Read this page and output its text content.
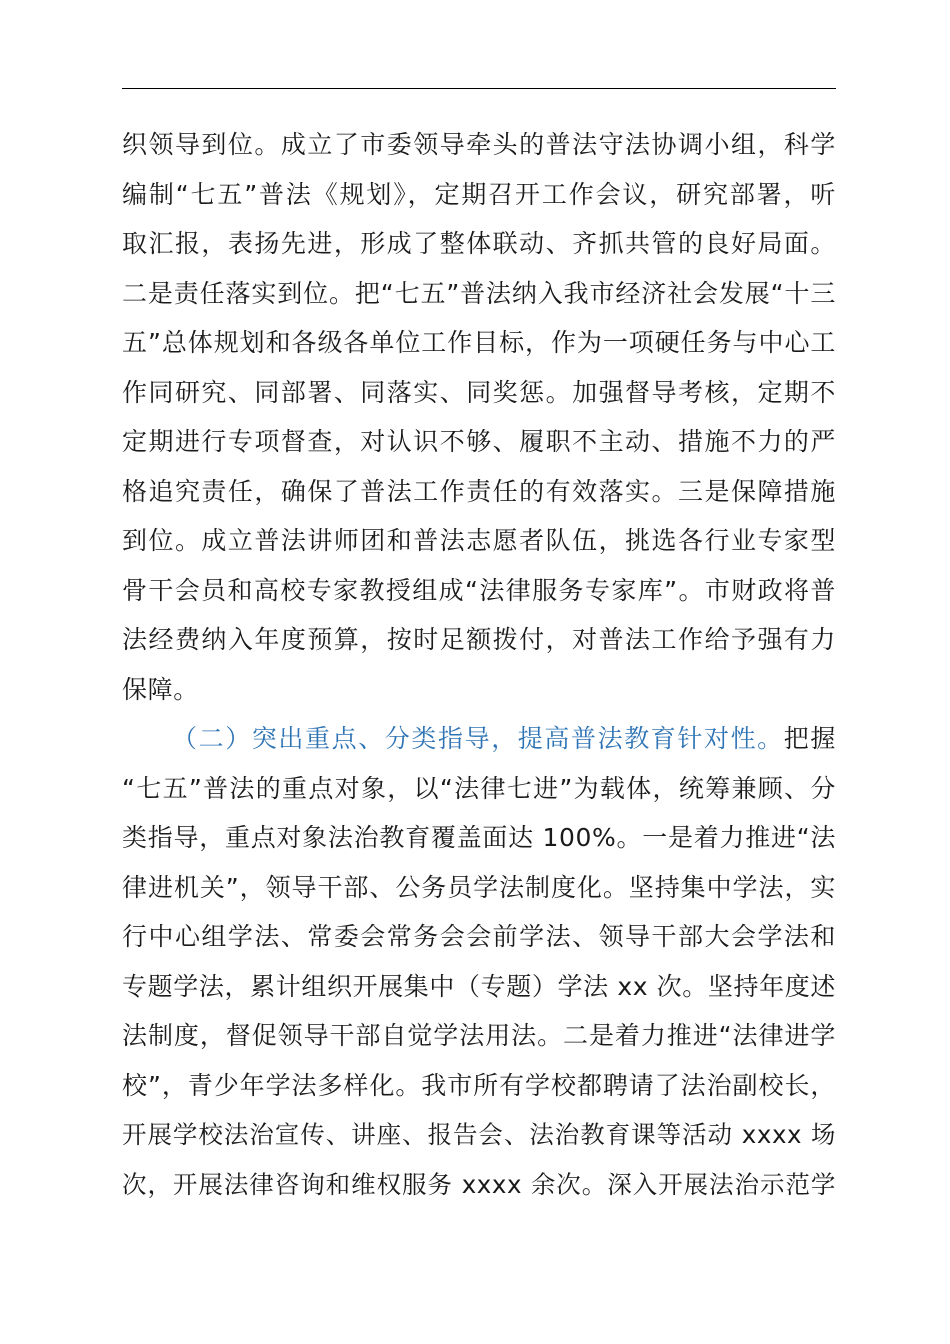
织领导到位。成立了市委领导牵头的普法守法协调小组，科学
编制“七五”普法《规划》，定期召开工作会议，研究部署，听
取汇报，表扬先进，形成了整体联动、齐抓共管的良好局面。
二是责任落实到位。把“七五”普法纳入我市经济社会发展“十三
五”总体规划和各级各单位工作目标，作为一项硬任务与中心工
作同研究、同部署、同落实、同奖惩。加强督导考核，定期不
定期进行专项督查，对认识不够、履职不主动、措施不力的严
格追究责任，确保了普法工作责任的有效落实。三是保障措施
到位。成立普法讲师团和普法志愿者队伍，挑选各行业专家型
骨干会员和高校专家教授组成“法律服务专家库”。市财政将普
法经费纳入年度预算，按时足额拨付，对普法工作给予强有力
保障。
（二）突出重点、分类指导，提高普法教育针对性。把握
“七五”普法的重点对象，以“法律七进”为载体，统筹兼顾、分
类指导，重点对象法治教育覆盖面达 100%。一是着力推进“法
律进机关”，领导干部、公务员学法制度化。坚持集中学法，实
行中心组学法、常委会常务会会前学法、领导干部大会学法和
专题学法，累计组织开展集中（专题）学法 xx 次。坚持年度述
法制度，督促领导干部自觉学法用法。二是着力推进“法律进学
校”，青少年学法多样化。我市所有学校都聘请了法治副校长，
开展学校法治宣传、讲座、报告会、法治教育课等活动 xxxx 场
次，开展法律咨询和维权服务 xxxx 余次。深入开展法治示范学
